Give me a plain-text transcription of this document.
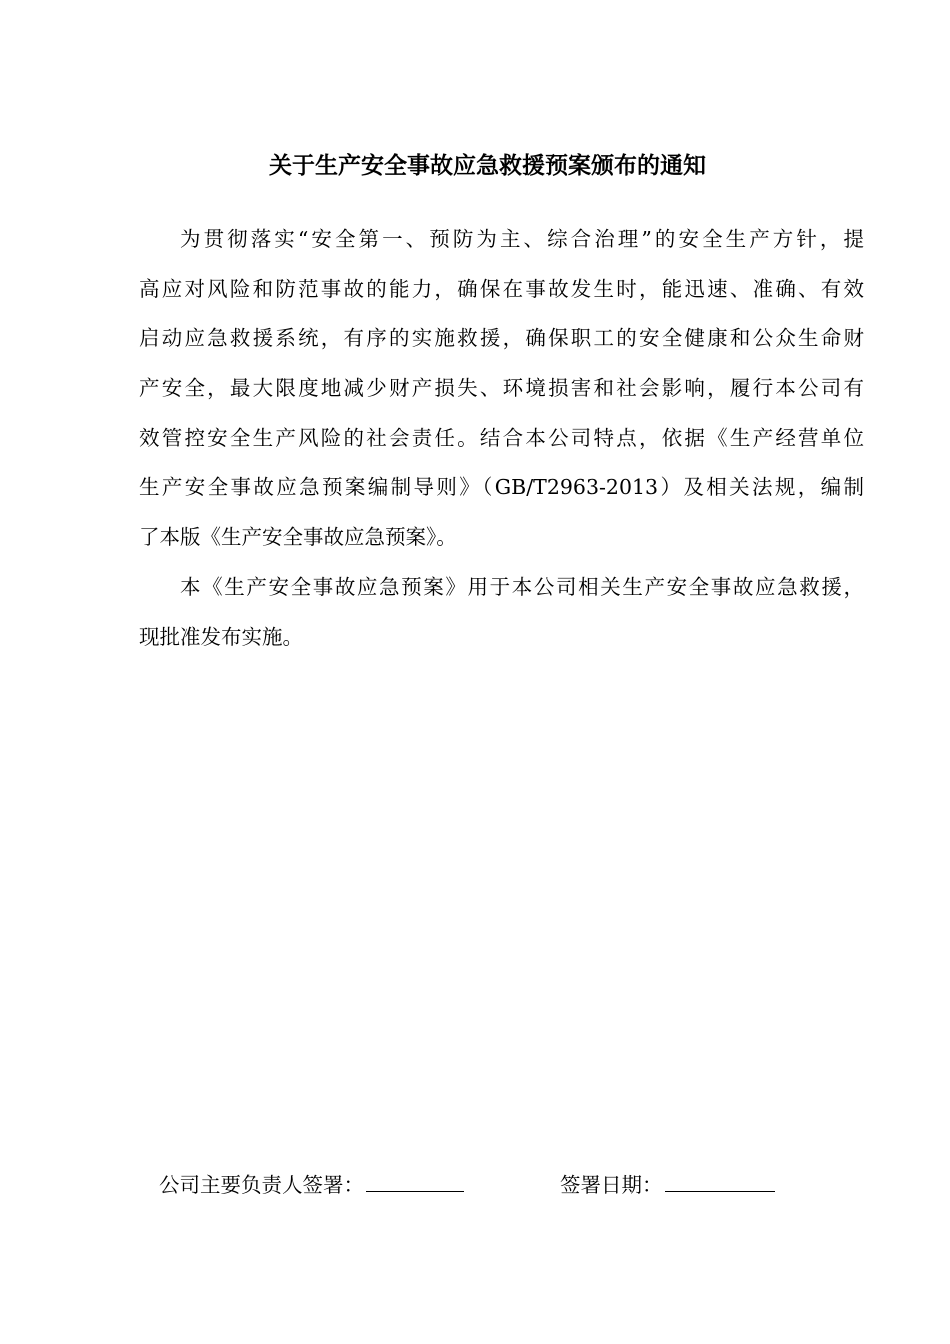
关于生产安全事故应急救援预案颁布的通知
为贯彻落实“安全第一、预防为主、综合治理”的安全生产方针，提
高应对风险和防范事故的能力，确保在事故发生时，能迅速、准确、有效
启动应急救援系统，有序的实施救援，确保职工的安全健康和公众生命财
产安全，最大限度地减少财产损失、环境损害和社会影响，履行本公司有
效管控安全生产风险的社会责任。结合本公司特点，依据《生产经营单位
生产安全事故应急预案编制导则》（GB/T2963-2013）及相关法规，编制
了本版《生产安全事故应急预案》。
本《生产安全事故应急预案》用于本公司相关生产安全事故应急救援，
现批准发布实施。
公司主要负责人签署：	签署日期：
